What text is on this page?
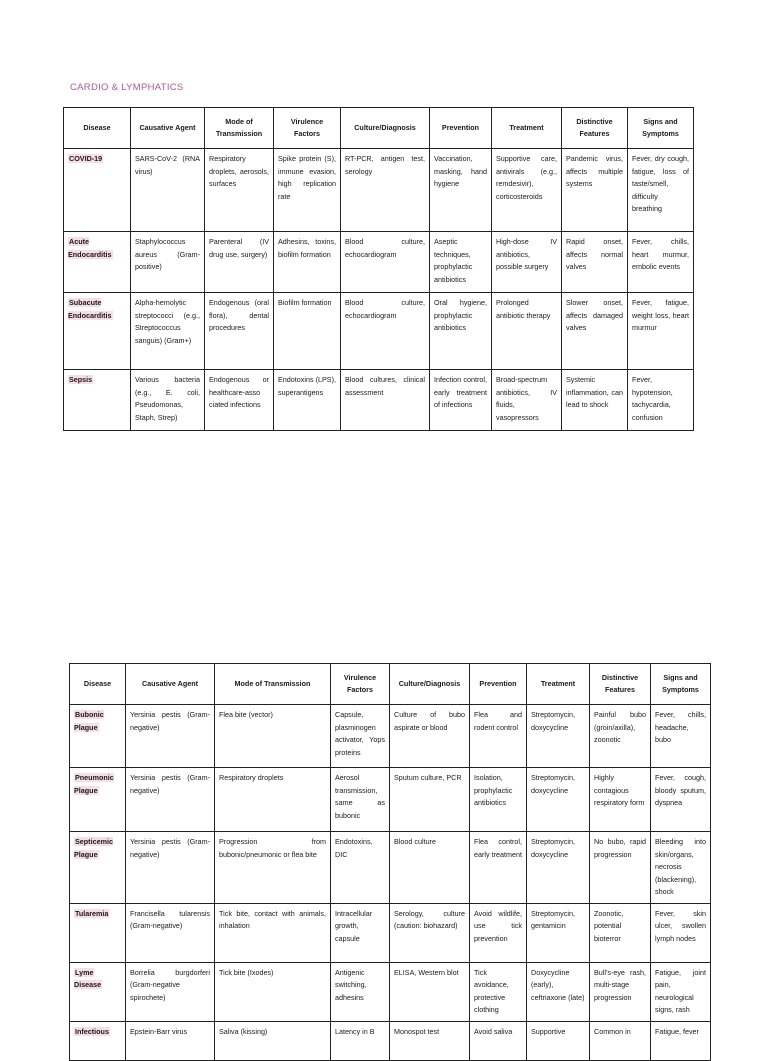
CARDIO & LYMPHATICS
Disease	Causative Agent	Mode of Transmission	Virulence Factors	Culture/Diagnosis	Prevention	Treatment	Distinctive Features	Signs and Symptoms
COVID-19	SARS-CoV-2 (RNA virus)	Respiratory droplets, aerosols, surfaces	Spike protein (S), immune evasion, high replication rate	RT-PCR, antigen test, serology	Vaccination, masking, hand hygiene	Supportive care, antivirals (e.g., remdesivir), corticosteroids	Pandemic virus, affects multiple systems	Fever, dry cough, fatigue, loss of taste/smell, difficulty breathing
Acute Endocarditis	Staphylococcus aureus (Gram-positive)	Parenteral (IV drug use, surgery)	Adhesins, toxins, biofilm formation	Blood culture, echocardiogram	Aseptic techniques, prophylactic antibiotics	High-dose IV antibiotics, possible surgery	Rapid onset, affects normal valves	Fever, chills, heart murmur, embolic events
Subacute Endocarditis	Alpha-hemolytic streptococci (e.g., Streptococcus sanguis) (Gram+)	Endogenous (oral flora), dental procedures	Biofilm formation	Blood culture, echocardiogram	Oral hygiene, prophylactic antibiotics	Prolonged antibiotic therapy	Slower onset, affects damaged valves	Fever, fatigue, weight loss, heart murmur
Sepsis	Various bacteria (e.g., E. coli, Pseudomonas, Staph, Strep)	Endogenous or healthcare-asso ciated infections	Endotoxins (LPS), superantigens	Blood cultures, clinical assessment	Infection control, early treatment of infections	Broad-spectrum antibiotics, IV fluids, vasopressors	Systemic inflammation, can lead to shock	Fever, hypotension, tachycardia, confusion
Disease	Causative Agent	Mode of Transmission	Virulence Factors	Culture/Diagnosis	Prevention	Treatment	Distinctive Features	Signs and Symptoms
Bubonic Plague	Yersinia pestis (Gram-negative)	Flea bite (vector)	Capsule, plasminogen activator, Yops proteins	Culture of bubo aspirate or blood	Flea and rodent control	Streptomycin, doxycycline	Painful bubo (groin/axilla), zoonotic	Fever, chills, headache, bubo
Pneumonic Plague	Yersinia pestis (Gram-negative)	Respiratory droplets	Aerosol transmission, same as bubonic	Sputum culture, PCR	Isolation, prophylactic antibiotics	Streptomycin, doxycycline	Highly contagious respiratory form	Fever, cough, bloody sputum, dyspnea
Septicemic Plague	Yersinia pestis (Gram-negative)	Progression from bubonic/pneumonic or flea bite	Endotoxins, DIC	Blood culture	Flea control, early treatment	Streptomycin, doxycycline	No bubo, rapid progression	Bleeding into skin/organs, necrosis (blackening), shock
Tularemia	Francisella tularensis (Gram-negative)	Tick bite, contact with animals, inhalation	Intracellular growth, capsule	Serology, culture (caution: biohazard)	Avoid wildlife, use tick prevention	Streptomycin, gentamicin	Zoonotic, potential bioterror	Fever, skin ulcer, swollen lymph nodes
Lyme Disease	Borrelia burgdorferi (Gram-negative spirochete)	Tick bite (Ixodes)	Antigenic switching, adhesins	ELISA, Western blot	Tick avoidance, protective clothing	Doxycycline (early), ceftriaxone (late)	Bull's-eye rash, multi-stage progression	Fatigue, joint pain, neurological signs, rash
Infectious	Epstein-Barr virus	Saliva (kissing)	Latency in B	Monospot test	Avoid saliva	Supportive	Common in	Fatigue, fever
